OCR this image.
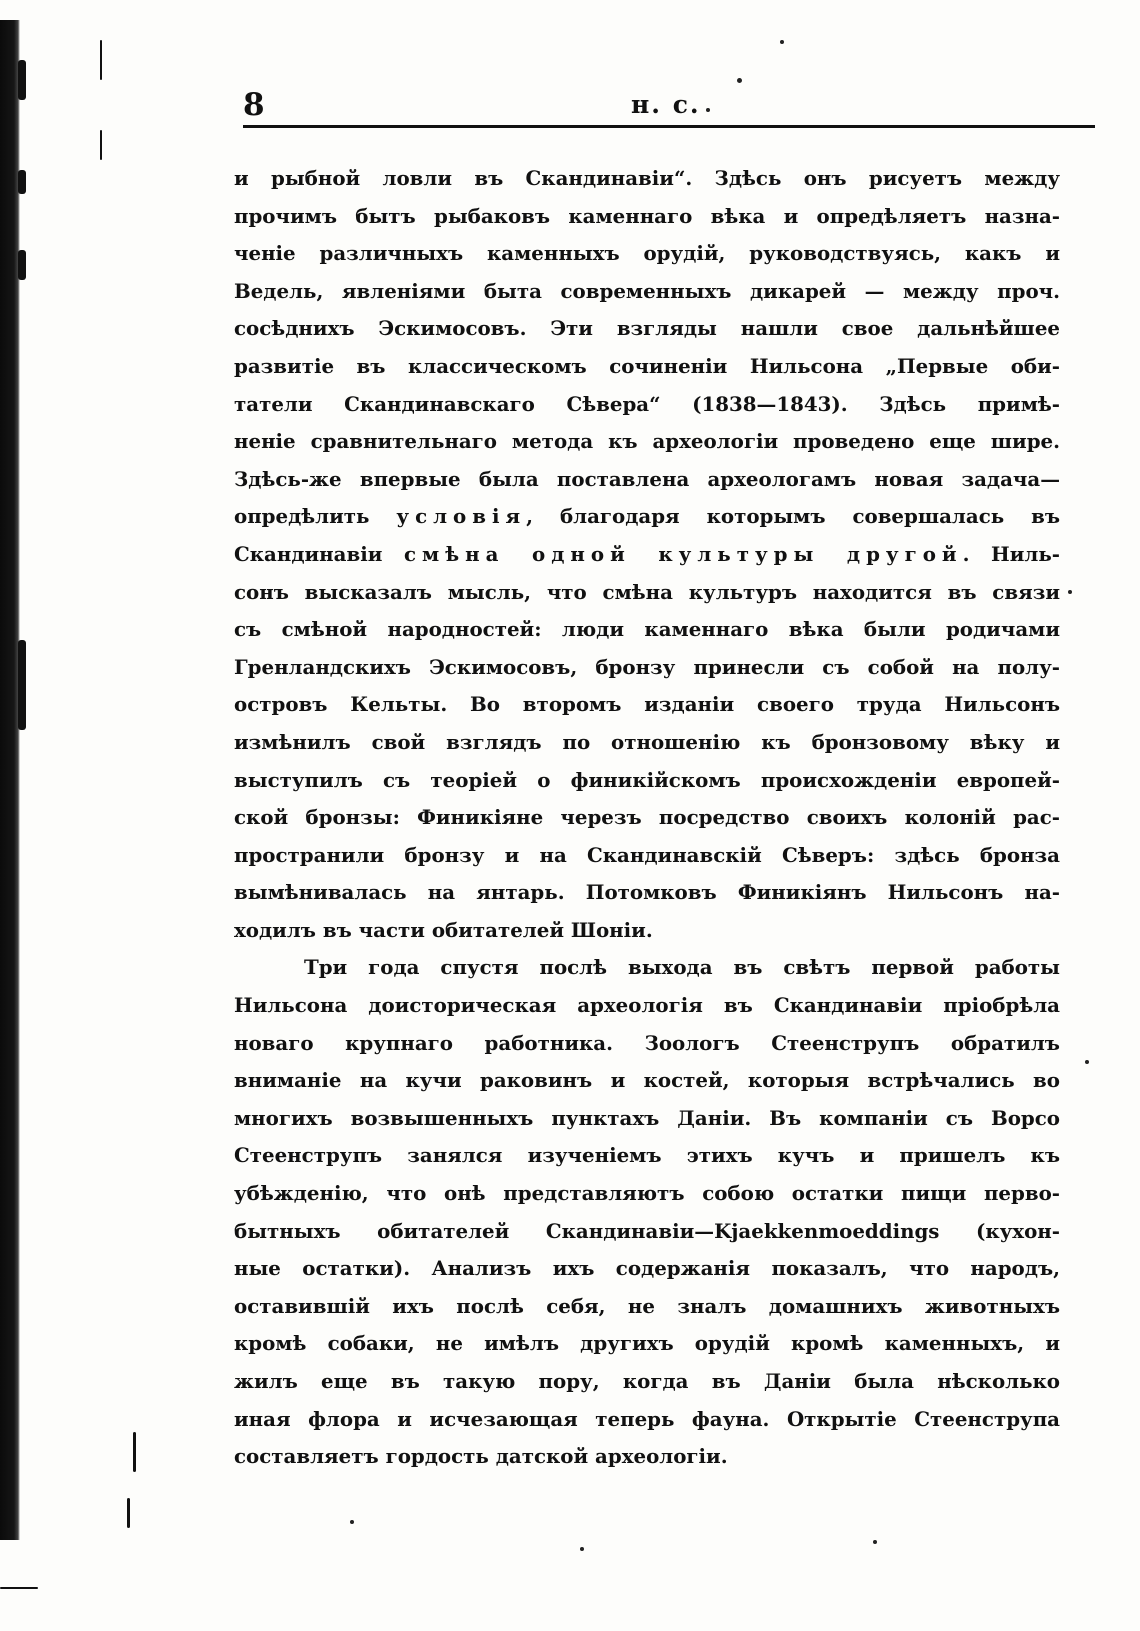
8	н. с.
и рыбной ловли въ Скандинавіи“. Здѣсь онъ рисуетъ между
прочимъ бытъ рыбаковъ каменнаго вѣка и опредѣляетъ назна-
ченіе различныхъ каменныхъ орудій, руководствуясь, какъ и
Ведель, явленіями быта современныхъ дикарей — между проч.
сосѣднихъ Эскимосовъ. Эти взгляды нашли свое дальнѣйшее
развитіе въ классическомъ сочиненіи Нильсона „Первые оби-
татели Скандинавскаго Сѣвера“ (1838—1843). Здѣсь примѣ-
неніе сравнительнаго метода къ археологіи проведено еще шире.
Здѣсь-же впервые была поставлена археологамъ новая задача—
опредѣлить условія, благодаря которымъ совершалась въ
Скандинавіи смѣна одной культуры другой. Ниль-
сонъ высказалъ мысль, что смѣна культуръ находится въ связи
съ смѣной народностей: люди каменнаго вѣка были родичами
Гренландскихъ Эскимосовъ, бронзу принесли съ собой на полу-
островъ Кельты. Во второмъ изданіи своего труда Нильсонъ
измѣнилъ свой взглядъ по отношенію къ бронзовому вѣку и
выступилъ съ теоріей о финикійскомъ происхожденіи европей-
ской бронзы: Финикіяне черезъ посредство своихъ колоній рас-
пространили бронзу и на Скандинавскій Сѣверъ: здѣсь бронза
вымѣнивалась на янтарь. Потомковъ Финикіянъ Нильсонъ на-
ходилъ въ части обитателей Шоніи.
Три года спустя послѣ выхода въ свѣтъ первой работы
Нильсона доисторическая археологія въ Скандинавіи пріобрѣла
новаго крупнаго работника. Зоологъ Стеенструпъ обратилъ
вниманіе на кучи раковинъ и костей, которыя встрѣчались во
многихъ возвышенныхъ пунктахъ Даніи. Въ компаніи съ Ворсо
Стеенструпъ занялся изученіемъ этихъ кучъ и пришелъ къ
убѣжденію, что онѣ представляютъ собою остатки пищи перво-
бытныхъ обитателей Скандинавіи—Kjaekkenmoeddings (кухон-
ные остатки). Анализъ ихъ содержанія показалъ, что народъ,
оставившій ихъ послѣ себя, не зналъ домашнихъ животныхъ
кромѣ собаки, не имѣлъ другихъ орудій кромѣ каменныхъ, и
жилъ еще въ такую пору, когда въ Даніи была нѣсколько
иная флора и исчезающая теперь фауна. Открытіе Стеенструпа
составляетъ гордость датской археологіи.
